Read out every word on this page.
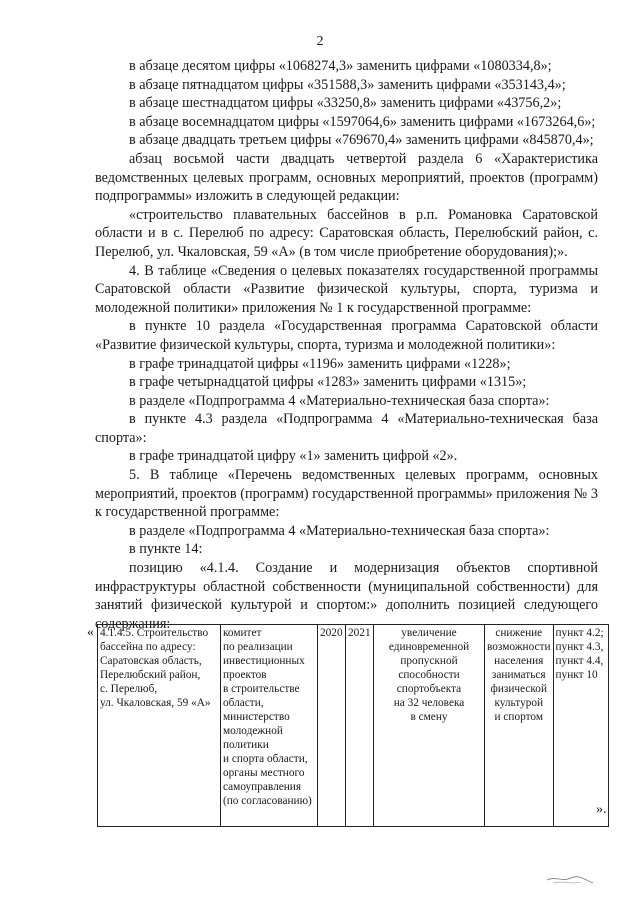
2

в абзаце десятом цифры «1068274,3» заменить цифрами «1080334,8»;

в абзаце пятнадцатом цифры «351588,3» заменить цифрами «353143,4»;

в абзаце шестнадцатом цифры «33250,8» заменить цифрами «43756,2»;

в абзаце восемнадцатом цифры «1597064,6» заменить цифрами «1673264,6»;

в абзаце двадцать третьем цифры «769670,4» заменить цифрами «845870,4»;

абзац восьмой части двадцать четвертой раздела 6 «Характеристика ведомственных целевых программ, основных мероприятий, проектов (программ) подпрограммы» изложить в следующей редакции:

«строительство плавательных бассейнов в р.п. Романовка Саратовской области и в с. Перелюб по адресу: Саратовская область, Перелюбский район, с. Перелюб, ул. Чкаловская, 59 «А» (в том числе приобретение оборудования);».

4. В таблице «Сведения о целевых показателях государственной программы Саратовской области «Развитие физической культуры, спорта, туризма и молодежной политики» приложения № 1 к государственной программе:

в пункте 10 раздела «Государственная программа Саратовской области «Развитие физической культуры, спорта, туризма и молодежной политики»:

в графе тринадцатой цифры «1196» заменить цифрами «1228»;

в графе четырнадцатой цифры «1283» заменить цифрами «1315»;

в разделе «Подпрограмма 4 «Материально-техническая база спорта»:

в пункте 4.3 раздела «Подпрограмма 4 «Материально-техническая база спорта»:

в графе тринадцатой цифру «1» заменить цифрой «2».

5. В таблице «Перечень ведомственных целевых программ, основных мероприятий, проектов (программ) государственной программы» приложения № 3 к государственной программе:

в разделе «Подпрограмма 4 «Материально-техническая база спорта»:

в пункте 14:

позицию «4.1.4. Создание и модернизация объектов спортивной инфраструктуры областной собственности (муниципальной собственности) для занятий физической культурой и спортом:» дополнить позицией следующего содержания:

« 4.1.4.5. Строительство
бассейна по адресу:
Саратовская область,
Перелюбский район,
с. Перелюб,
ул. Чкаловская, 59 «А»	комитет
по реализации
инвестиционных
проектов
в строительстве
области,
министерство
молодежной
политики
и спорта области,
органы местного
самоуправления
(по согласованию)	2020	2021	увеличение
единовременной
пропускной
способности
спортобъекта
на 32 человека
в смену	снижение
возможности
населения
заниматься
физической
культурой
и спортом	пункт 4.2;
пункт 4.3,
пункт 4.4,
пункт 10
».
